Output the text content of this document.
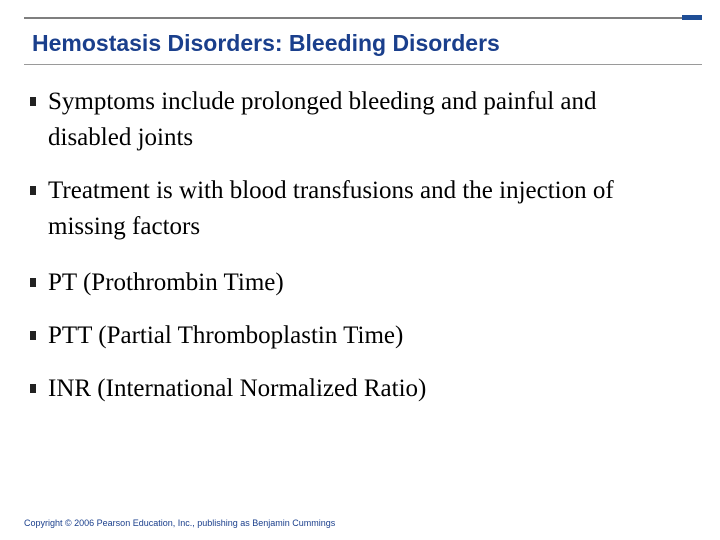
Hemostasis Disorders: Bleeding Disorders
Symptoms include prolonged bleeding and painful and disabled joints
Treatment is with blood transfusions and the injection of missing factors
PT (Prothrombin Time)
PTT (Partial Thromboplastin Time)
INR (International Normalized Ratio)
Copyright © 2006 Pearson Education, Inc., publishing as Benjamin Cummings
